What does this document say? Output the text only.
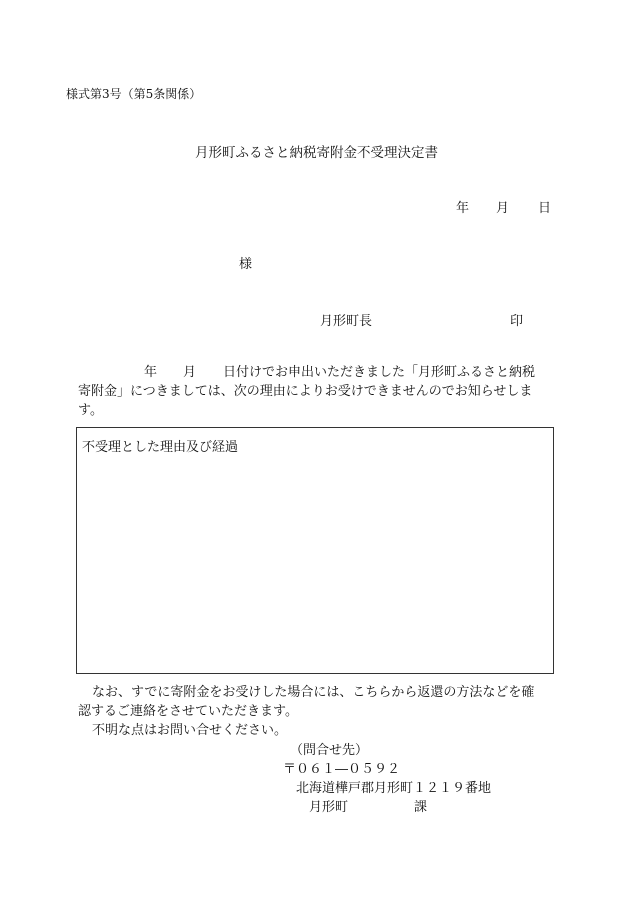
様式第3号（第5条関係）
月形町ふるさと納税寄附金不受理決定書
年 月 日
様
月形町長	印
年 月 日付けでお申出いただきました「月形町ふるさと納税
寄附金」につきましては、次の理由によりお受けできませんのでお知らせしま
す。
不受理とした理由及び経過

なお、すでに寄附金をお受けした場合には、こちらから返還の方法などを確

認するご連絡をさせていただきます。

不明な点はお問い合せください。

（問合せ先）
〒０６１―０５９２
北海道樺戸郡月形町１２１９番地
月形町	課
